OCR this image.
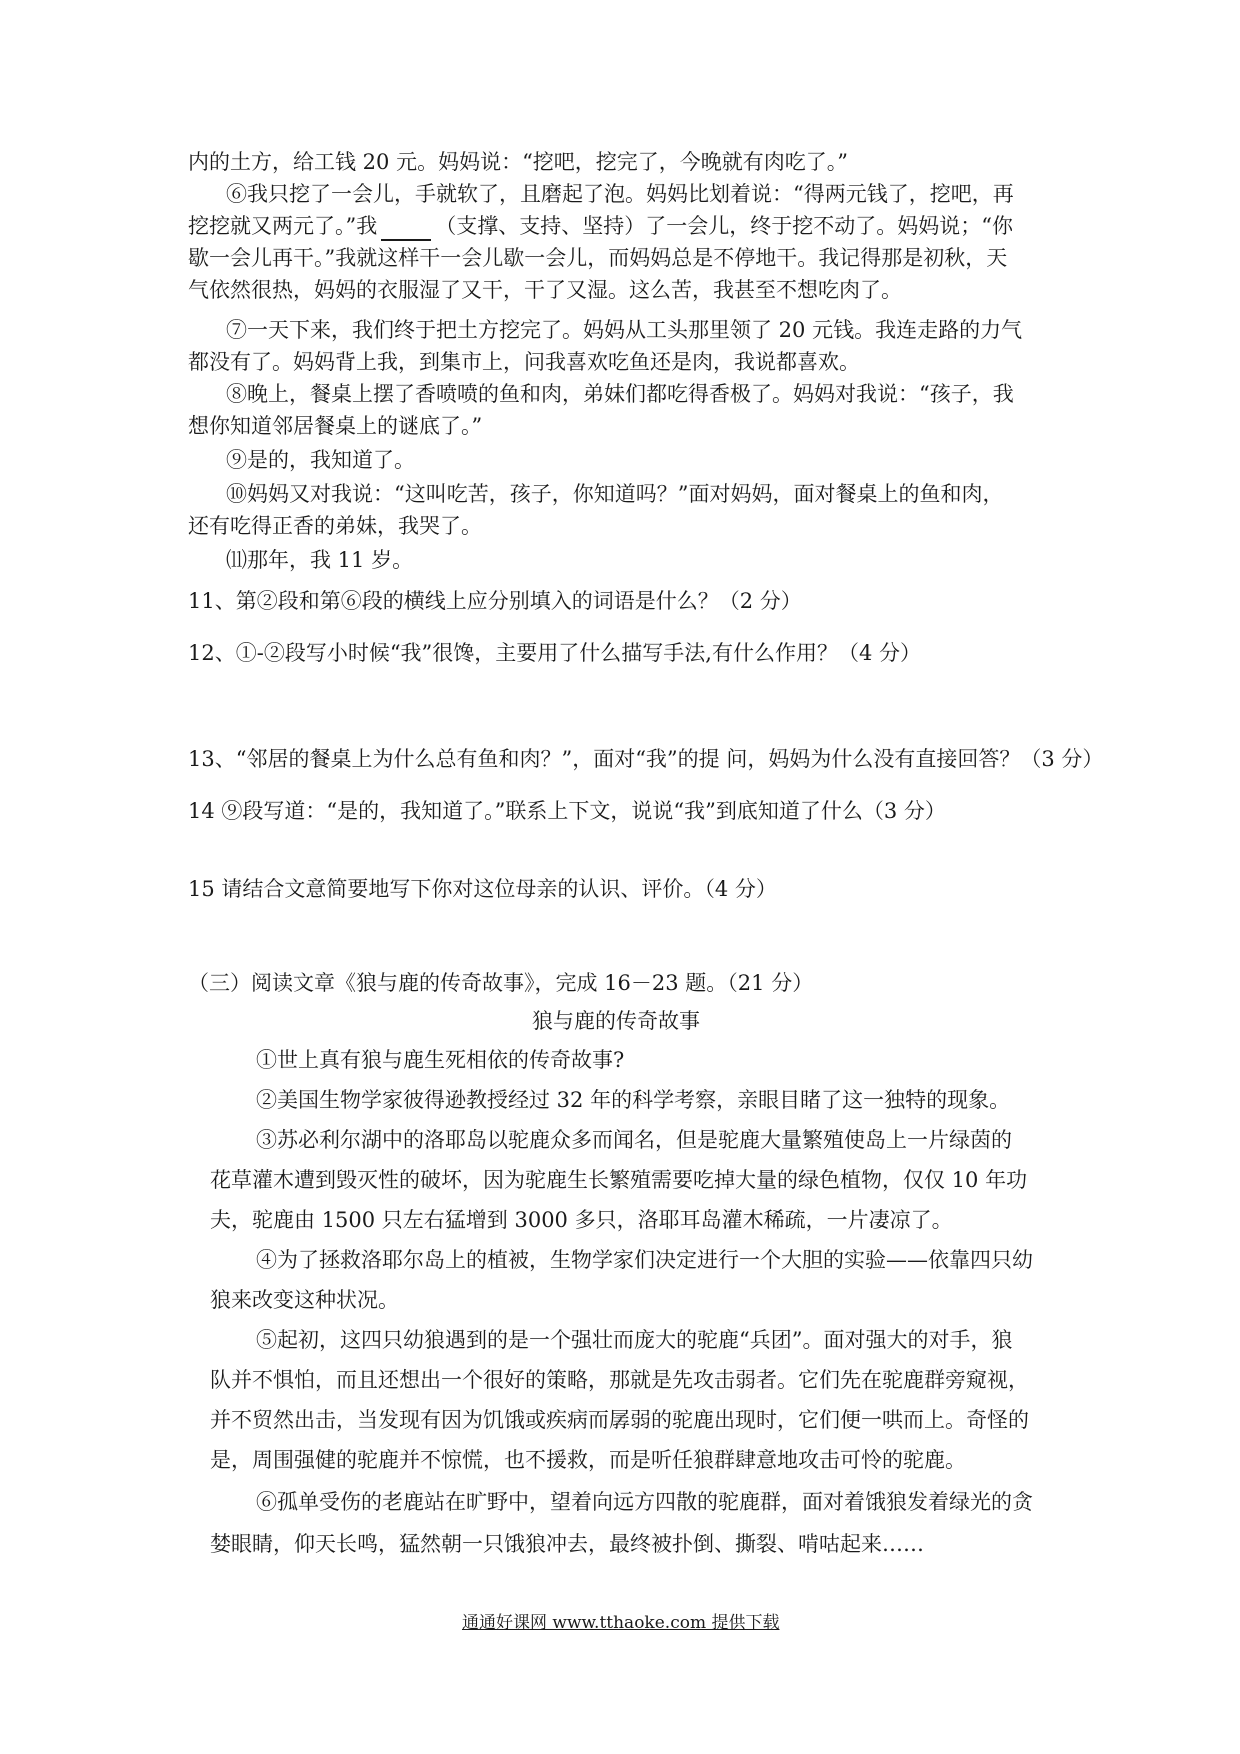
内的土方，给工钱 20 元。妈妈说：“挖吧，挖完了，今晚就有肉吃了。”
⑥我只挖了一会儿，手就软了，且磨起了泡。妈妈比划着说：“得两元钱了，挖吧，再
挖挖就又两元了。”我	（支撑、支持、坚持）了一会儿，终于挖不动了。妈妈说；“你
歇一会儿再干。”我就这样干一会儿歇一会儿，而妈妈总是不停地干。我记得那是初秋，天
气依然很热，妈妈的衣服湿了又干，干了又湿。这么苦，我甚至不想吃肉了。
⑦一天下来，我们终于把土方挖完了。妈妈从工头那里领了 20 元钱。我连走路的力气
都没有了。妈妈背上我，到集市上，问我喜欢吃鱼还是肉，我说都喜欢。
⑧晚上，餐桌上摆了香喷喷的鱼和肉，弟妹们都吃得香极了。妈妈对我说：“孩子，我
想你知道邻居餐桌上的谜底了。”
⑨是的，我知道了。
⑩妈妈又对我说：“这叫吃苦，孩子，你知道吗？”面对妈妈，面对餐桌上的鱼和肉，
还有吃得正香的弟妹，我哭了。
⑾那年，我 11 岁。
11、第②段和第⑥段的横线上应分别填入的词语是什么？（2 分）
12、①-②段写小时候“我”很馋，主要用了什么描写手法,有什么作用？（4 分）
13、“邻居的餐桌上为什么总有鱼和肉？”，面对“我”的提 问，妈妈为什么没有直接回答？（3 分）
14 ⑨段写道：“是的，我知道了。”联系上下文，说说“我”到底知道了什么（3 分）
15 请结合文意简要地写下你对这位母亲的认识、评价。（4 分）
（三）阅读文章《狼与鹿的传奇故事》，完成 16－23 题。（21 分）
狼与鹿的传奇故事
①世上真有狼与鹿生死相依的传奇故事?
②美国生物学家彼得逊教授经过 32 年的科学考察，亲眼目睹了这一独特的现象。
③苏必利尔湖中的洛耶岛以驼鹿众多而闻名，但是驼鹿大量繁殖使岛上一片绿茵的
花草灌木遭到毁灭性的破坏，因为驼鹿生长繁殖需要吃掉大量的绿色植物，仅仅 10 年功
夫，驼鹿由 1500 只左右猛增到 3000 多只，洛耶耳岛灌木稀疏，一片凄凉了。
④为了拯救洛耶尔岛上的植被，生物学家们决定进行一个大胆的实验——依靠四只幼
狼来改变这种状况。
⑤起初，这四只幼狼遇到的是一个强壮而庞大的驼鹿“兵团”。面对强大的对手，狼
队并不惧怕，而且还想出一个很好的策略，那就是先攻击弱者。它们先在驼鹿群旁窥视，
并不贸然出击，当发现有因为饥饿或疾病而孱弱的驼鹿出现时，它们便一哄而上。奇怪的
是，周围强健的驼鹿并不惊慌，也不援救，而是听任狼群肆意地攻击可怜的驼鹿。
⑥孤单受伤的老鹿站在旷野中，望着向远方四散的驼鹿群，面对着饿狼发着绿光的贪
婪眼睛，仰天长鸣，猛然朝一只饿狼冲去，最终被扑倒、撕裂、啃咕起来……
通通好课网 www.tthaoke.com 提供下载
